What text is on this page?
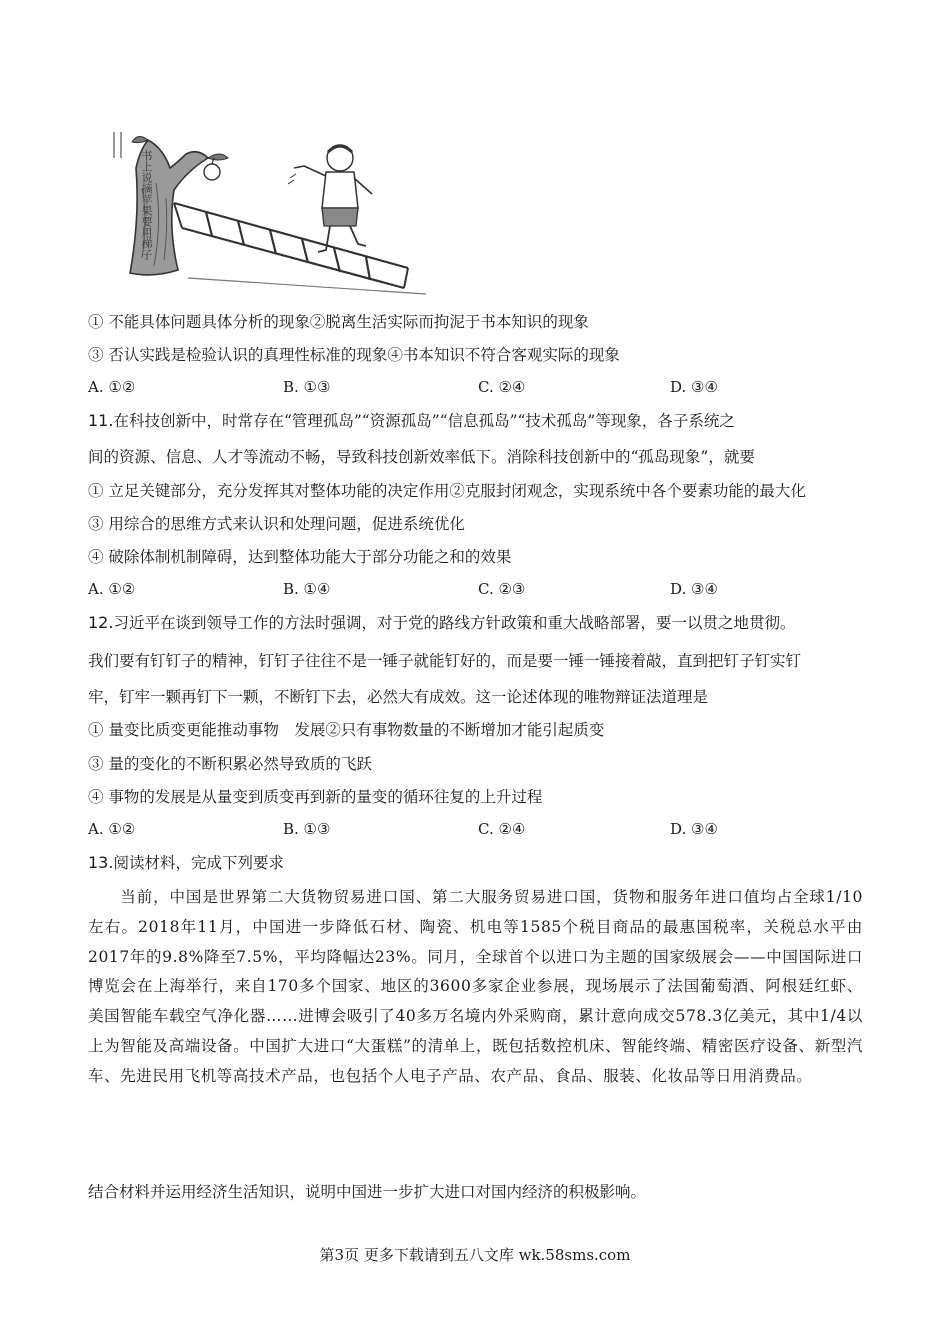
书上说摘苹果要用梯子
① 不能具体问题具体分析的现象②脱离生活实际而拘泥于书本知识的现象
③ 否认实践是检验认识的真理性标准的现象④书本知识不符合客观实际的现象
A. ①②	B. ①③	C. ②④	D. ③④
11.在科技创新中，时常存在“管理孤岛”“资源孤岛”“信息孤岛”“技术孤岛”等现象，各子系统之
间的资源、信息、人才等流动不畅，导致科技创新效率低下。消除科技创新中的“孤岛现象”，就要
① 立足关键部分，充分发挥其对整体功能的决定作用②克服封闭观念，实现系统中各个要素功能的最大化
③ 用综合的思维方式来认识和处理问题，促进系统优化
④ 破除体制机制障碍，达到整体功能大于部分功能之和的效果
A. ①②	B. ①④	C. ②③	D. ③④
12.习近平在谈到领导工作的方法时强调，对于党的路线方针政策和重大战略部署，要一以贯之地贯彻。
我们要有钉钉子的精神，钉钉子往往不是一锤子就能钉好的，而是要一锤一锤接着敲，直到把钉子钉实钉
牢，钉牢一颗再钉下一颗，不断钉下去，必然大有成效。这一论述体现的唯物辩证法道理是
① 量变比质变更能推动事物　发展②只有事物数量的不断增加才能引起质变
③ 量的变化的不断积累必然导致质的飞跃
④ 事物的发展是从量变到质变再到新的量变的循环往复的上升过程
A. ①②	B. ①③	C. ②④	D. ③④
13.阅读材料，完成下列要求
当前，中国是世界第二大货物贸易进口国、第二大服务贸易进口国，货物和服务年进口值均占全球1/10左右。2018年11月，中国进一步降低石材、陶瓷、机电等1585个税目商品的最惠国税率，关税总水平由2017年的9.8%降至7.5%，平均降幅达23%。同月，全球首个以进口为主题的国家级展会——中国国际进口博览会在上海举行，来自170多个国家、地区的3600多家企业参展，现场展示了法国葡萄酒、阿根廷红虾、美国智能车载空气净化器……进博会吸引了40多万名境内外采购商，累计意向成交578.3亿美元，其中1/4以上为智能及高端设备。中国扩大进口“大蛋糕”的清单上，既包括数控机床、智能终端、精密医疗设备、新型汽车、先进民用飞机等高技术产品，也包括个人电子产品、农产品、食品、服装、化妆品等日用消费品。
结合材料并运用经济生活知识，说明中国进一步扩大进口对国内经济的积极影响。
第3页 更多下载请到五八文库 wk.58sms.com
